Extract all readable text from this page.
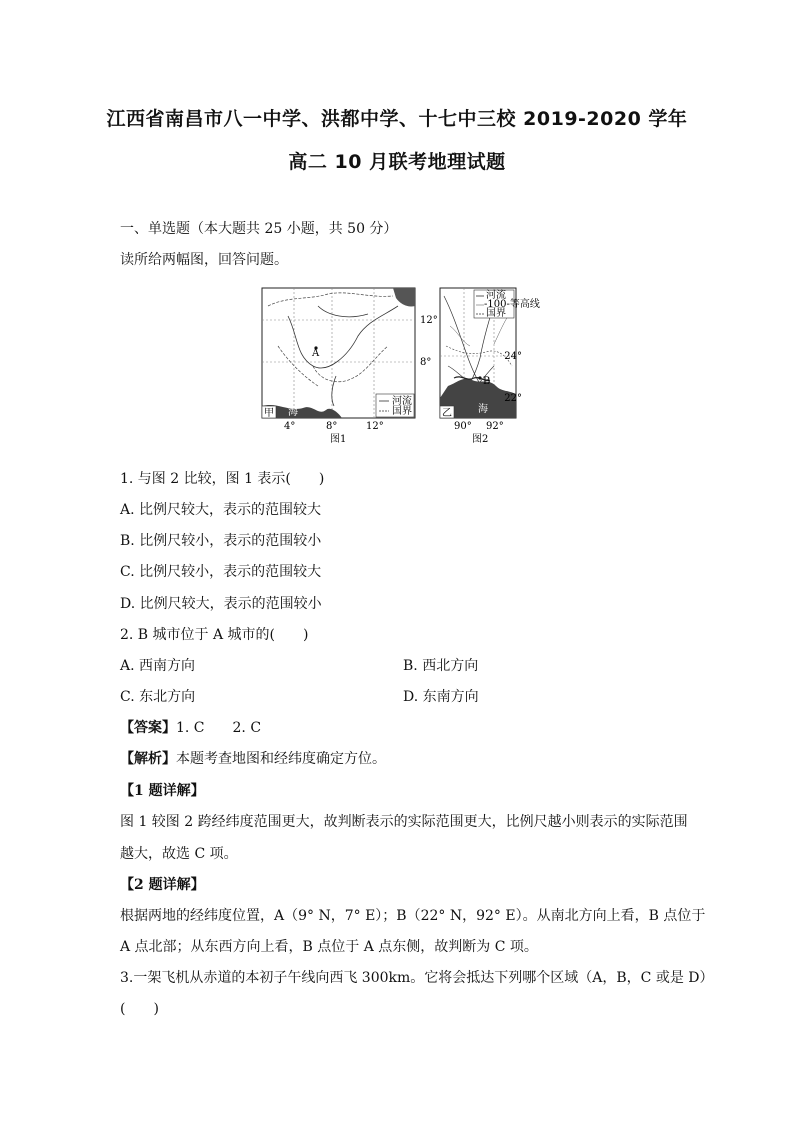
江西省南昌市八一中学、洪都中学、十七中三校 2019-2020 学年
高二 10 月联考地理试题
一、单选题（本大题共 25 小题，共 50 分）
读所给两幅图，回答问题。
河流
国界
甲 海
A
12°
8°
4°	8°	12°
图1
河流
-100-等高线
国界
B
乙	海
24°
22°
90° 92°
图2
1. 与图 2 比较，图 1 表示(　　)
A. 比例尺较大，表示的范围较大
B. 比例尺较小，表示的范围较小
C. 比例尺较小，表示的范围较大
D. 比例尺较大，表示的范围较小
2. B 城市位于 A 城市的(　　)
A. 西南方向	B. 西北方向
C. 东北方向	D. 东南方向
【答案】1. C　　2. C
【解析】本题考查地图和经纬度确定方位。
【1 题详解】
图 1 较图 2 跨经纬度范围更大，故判断表示的实际范围更大，比例尺越小则表示的实际范围
越大，故选 C 项。
【2 题详解】
根据两地的经纬度位置，A（9° N，7° E）；B（22° N，92° E）。从南北方向上看，B 点位于
A 点北部；从东西方向上看，B 点位于 A 点东侧，故判断为 C 项。
3.一架飞机从赤道的本初子午线向西飞 300km。它将会抵达下列哪个区域（A，B，C 或是 D）
(　　)
